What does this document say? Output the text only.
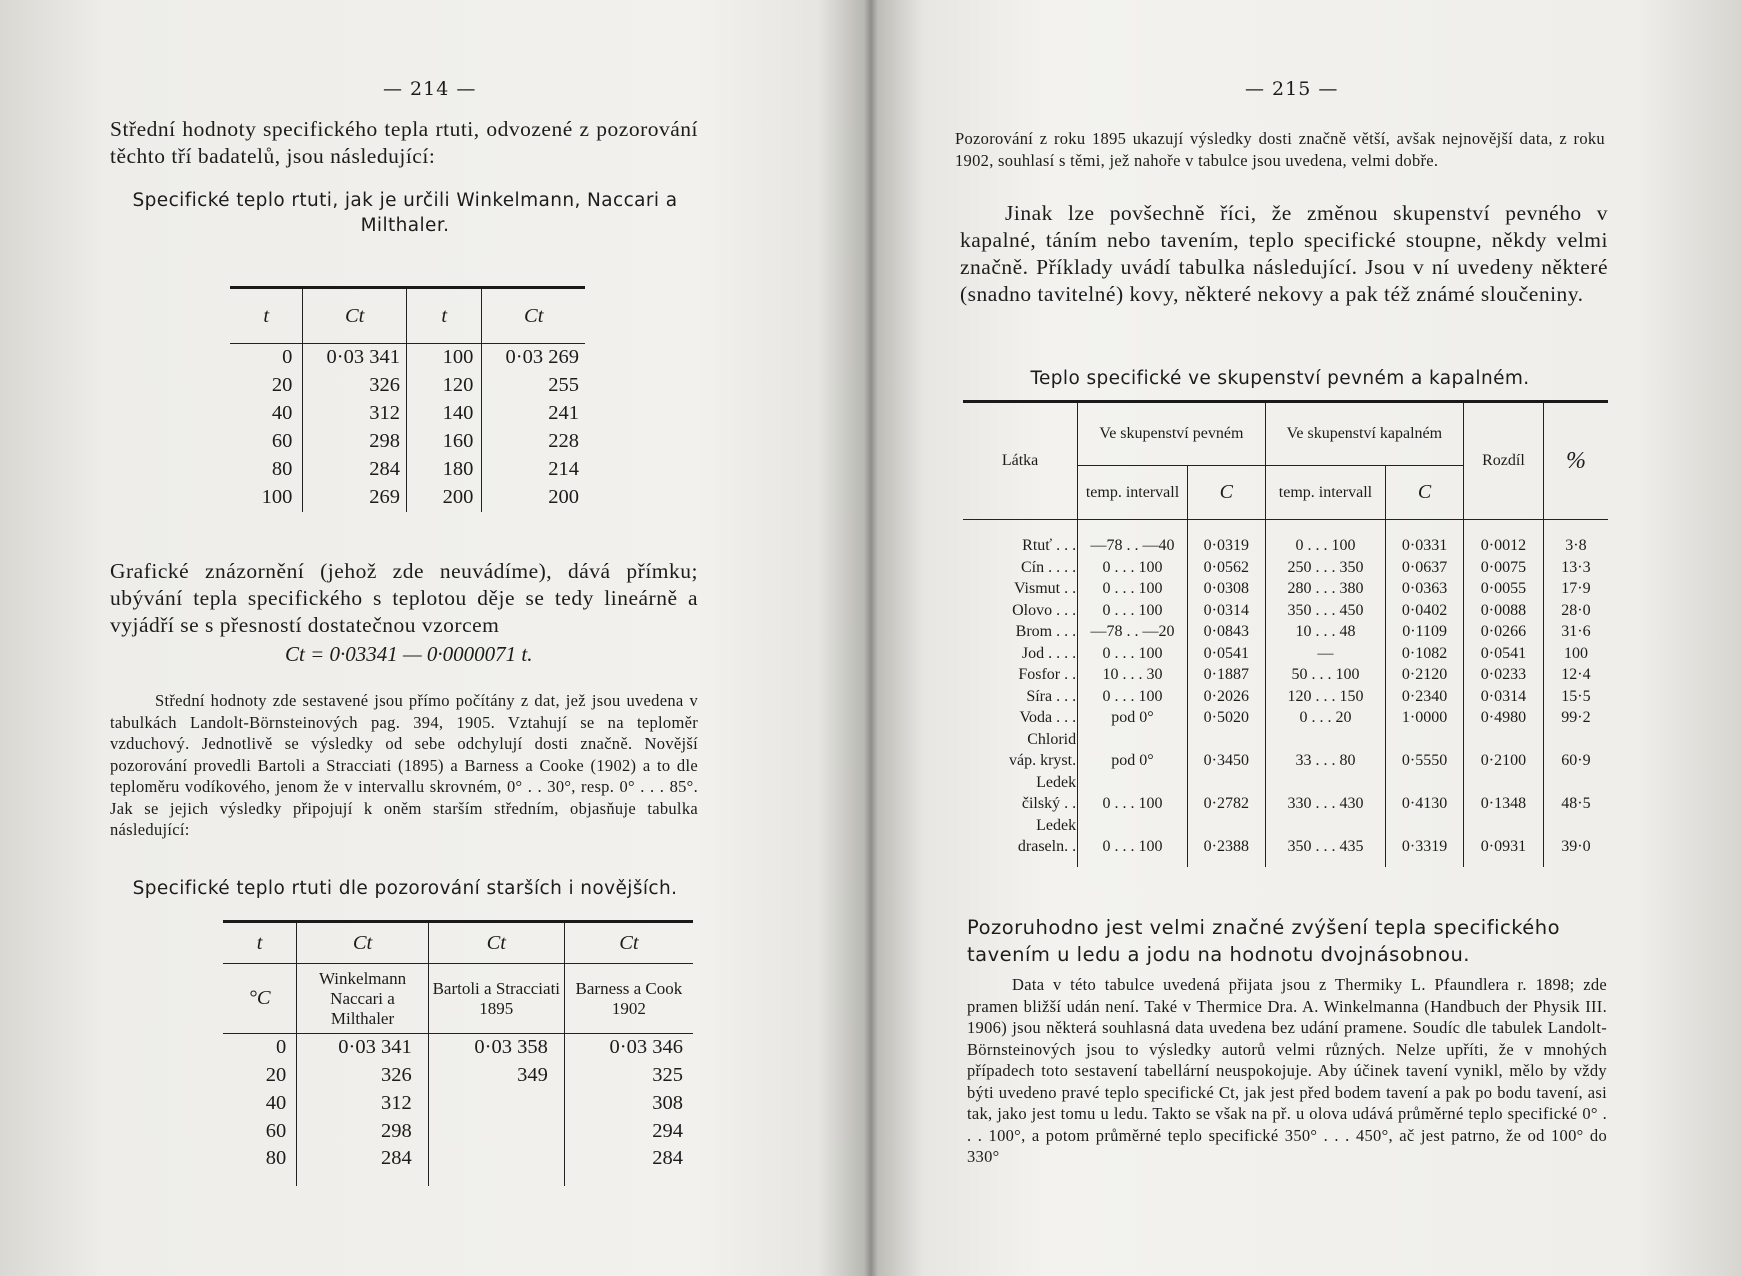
— 214 —

Střední hodnoty specifického tepla rtuti, odvozené z pozorování těchto tří badatelů, jsou následující:

Specifické teplo rtuti, jak je určili Winkelmann, Naccari a Milthaler.

t	Ct	t	Ct
0	0·03 341	100	0·03 269
20	326	120	255
40	312	140	241
60	298	160	228
80	284	180	214
100	269	200	200

Grafické znázornění (jehož zde neuvádíme), dává přímku; ubývání tepla specifického s teplotou děje se tedy lineárně a vyjádří se s přesností dostatečnou vzorcem

Ct = 0·03341 — 0·0000071 t.

Střední hodnoty zde sestavené jsou přímo počítány z dat, jež jsou uvedena v tabulkách Landolt-Börnsteinových pag. 394, 1905. Vztahují se na teploměr vzduchový. Jednotlivě se výsledky od sebe odchylují dosti značně. Novější pozorování provedli Bartoli a Stracciati (1895) a Barness a Cooke (1902) a to dle teploměru vodíkového, jenom že v intervallu skrovném, 0° . . 30°, resp. 0° . . . 85°. Jak se jejich výsledky připojují k oněm starším středním, objasňuje tabulka následující:

Specifické teplo rtuti dle pozorování starších i novějších.

t	Ct	Ct	Ct
°C	Winkelmann Naccari a Milthaler	Bartoli a Stracciati 1895	Barness a Cook 1902
0	0·03 341	0·03 358	0·03 346
20	326	349	325
40	312		308
60	298		294
80	284		284
— 215 —

Pozorování z roku 1895 ukazují výsledky dosti značně větší, avšak nejnovější data, z roku 1902, souhlasí s těmi, jež nahoře v tabulce jsou uvedena, velmi dobře.

Jinak lze povšechně říci, že změnou skupenství pevného v kapalné, táním nebo tavením, teplo specifické stoupne, někdy velmi značně. Příklady uvádí tabulka následující. Jsou v ní uvedeny některé (snadno tavitelné) kovy, některé nekovy a pak též známé sloučeniny.

Teplo specifické ve skupenství pevném a kapalném.

Látka	Ve skupenství pevném		Ve skupenství kapalném		Rozdíl	%
	temp. intervall	C	temp. intervall	C		

Rtuť . . .	—78 . . —40	0·0319	0 . . . 100	0·0331	0·0012	3·8
Cín . . . .	0 . . . 100	0·0562	250 . . . 350	0·0637	0·0075	13·3
Vismut . .	0 . . . 100	0·0308	280 . . . 380	0·0363	0·0055	17·9
Olovo . . .	0 . . . 100	0·0314	350 . . . 450	0·0402	0·0088	28·0
Brom . . .	—78 . . —20	0·0843	10 . . . 48	0·1109	0·0266	31·6
Jod . . . .	0 . . . 100	0·0541	—	0·1082	0·0541	100
Fosfor . .	10 . . . 30	0·1887	50 . . . 100	0·2120	0·0233	12·4
Síra . . .	0 . . . 100	0·2026	120 . . . 150	0·2340	0·0314	15·5
Voda . . .	pod 0°	0·5020	0 . . . 20	1·0000	0·4980	99·2
Chlorid						
váp. kryst.	pod 0°	0·3450	33 . . . 80	0·5550	0·2100	60·9
Ledek						
čilský . .	0 . . . 100	0·2782	330 . . . 430	0·4130	0·1348	48·5
Ledek						
draseln. .	0 . . . 100	0·2388	350 . . . 435	0·3319	0·0931	39·0

Pozoruhodno jest velmi značné zvýšení tepla specifického tavením u ledu a jodu na hodnotu dvojnásobnou.

Data v této tabulce uvedená přijata jsou z Thermiky L. Pfaundlera r. 1898; zde pramen bližší udán není. Také v Thermice Dra. A. Winkelmanna (Handbuch der Physik III. 1906) jsou některá souhlasná data uvedena bez udání pramene. Soudíc dle tabulek Landolt-Börnsteinových jsou to výsledky autorů velmi různých. Nelze upříti, že v mnohých případech toto sestavení tabellární neuspokojuje. Aby účinek tavení vynikl, mělo by vždy býti uvedeno pravé teplo specifické Ct, jak jest před bodem tavení a pak po bodu tavení, asi tak, jako jest tomu u ledu. Takto se však na př. u olova udává průměrné teplo specifické 0° . . . 100°, a potom průměrné teplo specifické 350° . . . 450°, ač jest patrno, že od 100° do 330°
